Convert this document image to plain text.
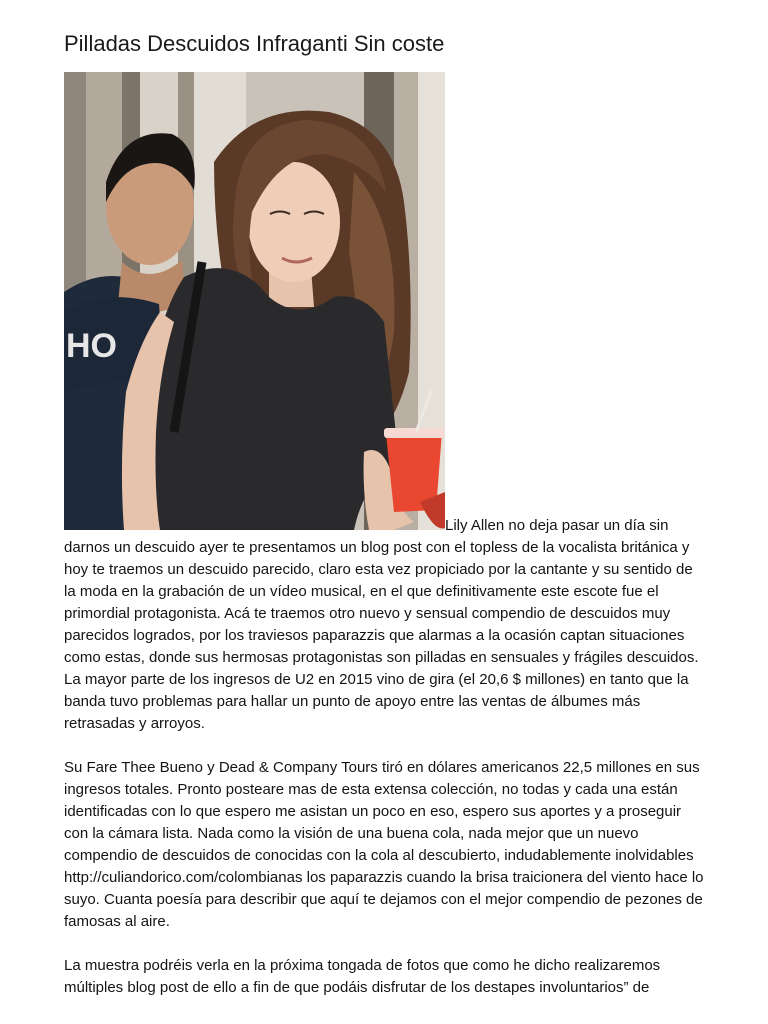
Pilladas Descuidos Infraganti Sin coste

HO
Lily Allen no deja pasar un día sin darnos un descuido ayer te presentamos un blog post con el topless de la vocalista británica y hoy te traemos un descuido parecido, claro esta vez propiciado por la cantante y su sentido de la moda en la grabación de un vídeo musical, en el que definitivamente este escote fue el primordial protagonista. Acá te traemos otro nuevo y sensual compendio de descuidos muy parecidos logrados, por los traviesos paparazzis que alarmas a la ocasión captan situaciones como estas, donde sus hermosas protagonistas son pilladas en sensuales y frágiles descuidos. La mayor parte de los ingresos de U2 en 2015 vino de gira (el 20,6 $ millones) en tanto que la banda tuvo problemas para hallar un punto de apoyo entre las ventas de álbumes más retrasadas y arroyos.

Su Fare Thee Bueno y Dead & Company Tours tiró en dólares americanos 22,5 millones en sus ingresos totales. Pronto posteare mas de esta extensa colección, no todas y cada una están identificadas con lo que espero me asistan un poco en eso, espero sus aportes y a proseguir con la cámara lista. Nada como la visión de una buena cola, nada mejor que un nuevo compendio de descuidos de conocidas con la cola al descubierto, indudablemente inolvidables http://culiandorico.com/colombianas los paparazzis cuando la brisa traicionera del viento hace lo suyo. Cuanta poesía para describir que aquí te dejamos con el mejor compendio de pezones de famosas al aire.

La muestra podréis verla en la próxima tongada de fotos que como he dicho realizaremos múltiples blog post de ello a fin de que podáis disfrutar de los destapes involuntarios” de
